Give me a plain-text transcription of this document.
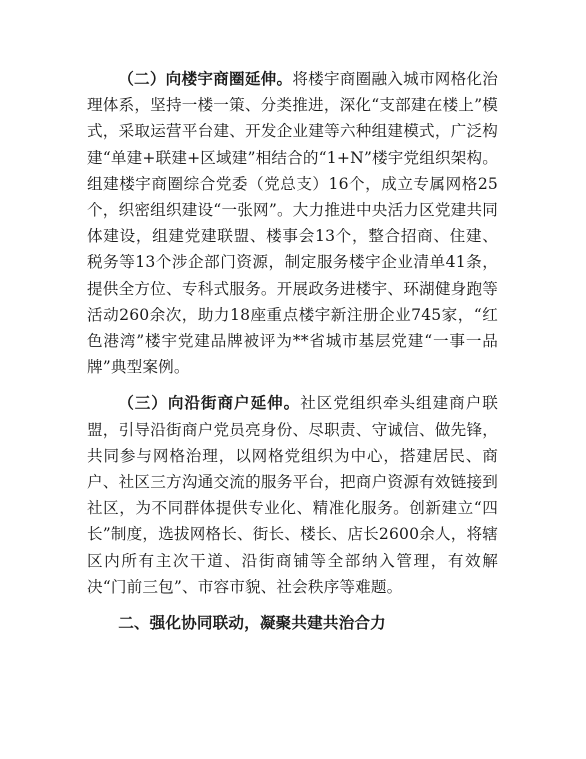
（二）向楼宇商圈延伸。将楼宇商圈融入城市网格化治理体系，坚持一楼一策、分类推进，深化“支部建在楼上”模式，采取运营平台建、开发企业建等六种组建模式，广泛构建“单建+联建+区域建”相结合的“1+N”楼宇党组织架构。组建楼宇商圈综合党委（党总支）16个，成立专属网格25个，织密组织建设“一张网”。大力推进中央活力区党建共同体建设，组建党建联盟、楼事会13个，整合招商、住建、税务等13个涉企部门资源，制定服务楼宇企业清单41条，提供全方位、专科式服务。开展政务进楼宇、环湖健身跑等活动260余次，助力18座重点楼宇新注册企业745家，“红色港湾”楼宇党建品牌被评为**省城市基层党建“一事一品牌”典型案例。

（三）向沿街商户延伸。社区党组织牵头组建商户联盟，引导沿街商户党员亮身份、尽职责、守诚信、做先锋，共同参与网格治理，以网格党组织为中心，搭建居民、商户、社区三方沟通交流的服务平台，把商户资源有效链接到社区，为不同群体提供专业化、精准化服务。创新建立“四长”制度，选拔网格长、街长、楼长、店长2600余人，将辖区内所有主次干道、沿街商铺等全部纳入管理，有效解决“门前三包”、市容市貌、社会秩序等难题。

二、强化协同联动，凝聚共建共治合力
